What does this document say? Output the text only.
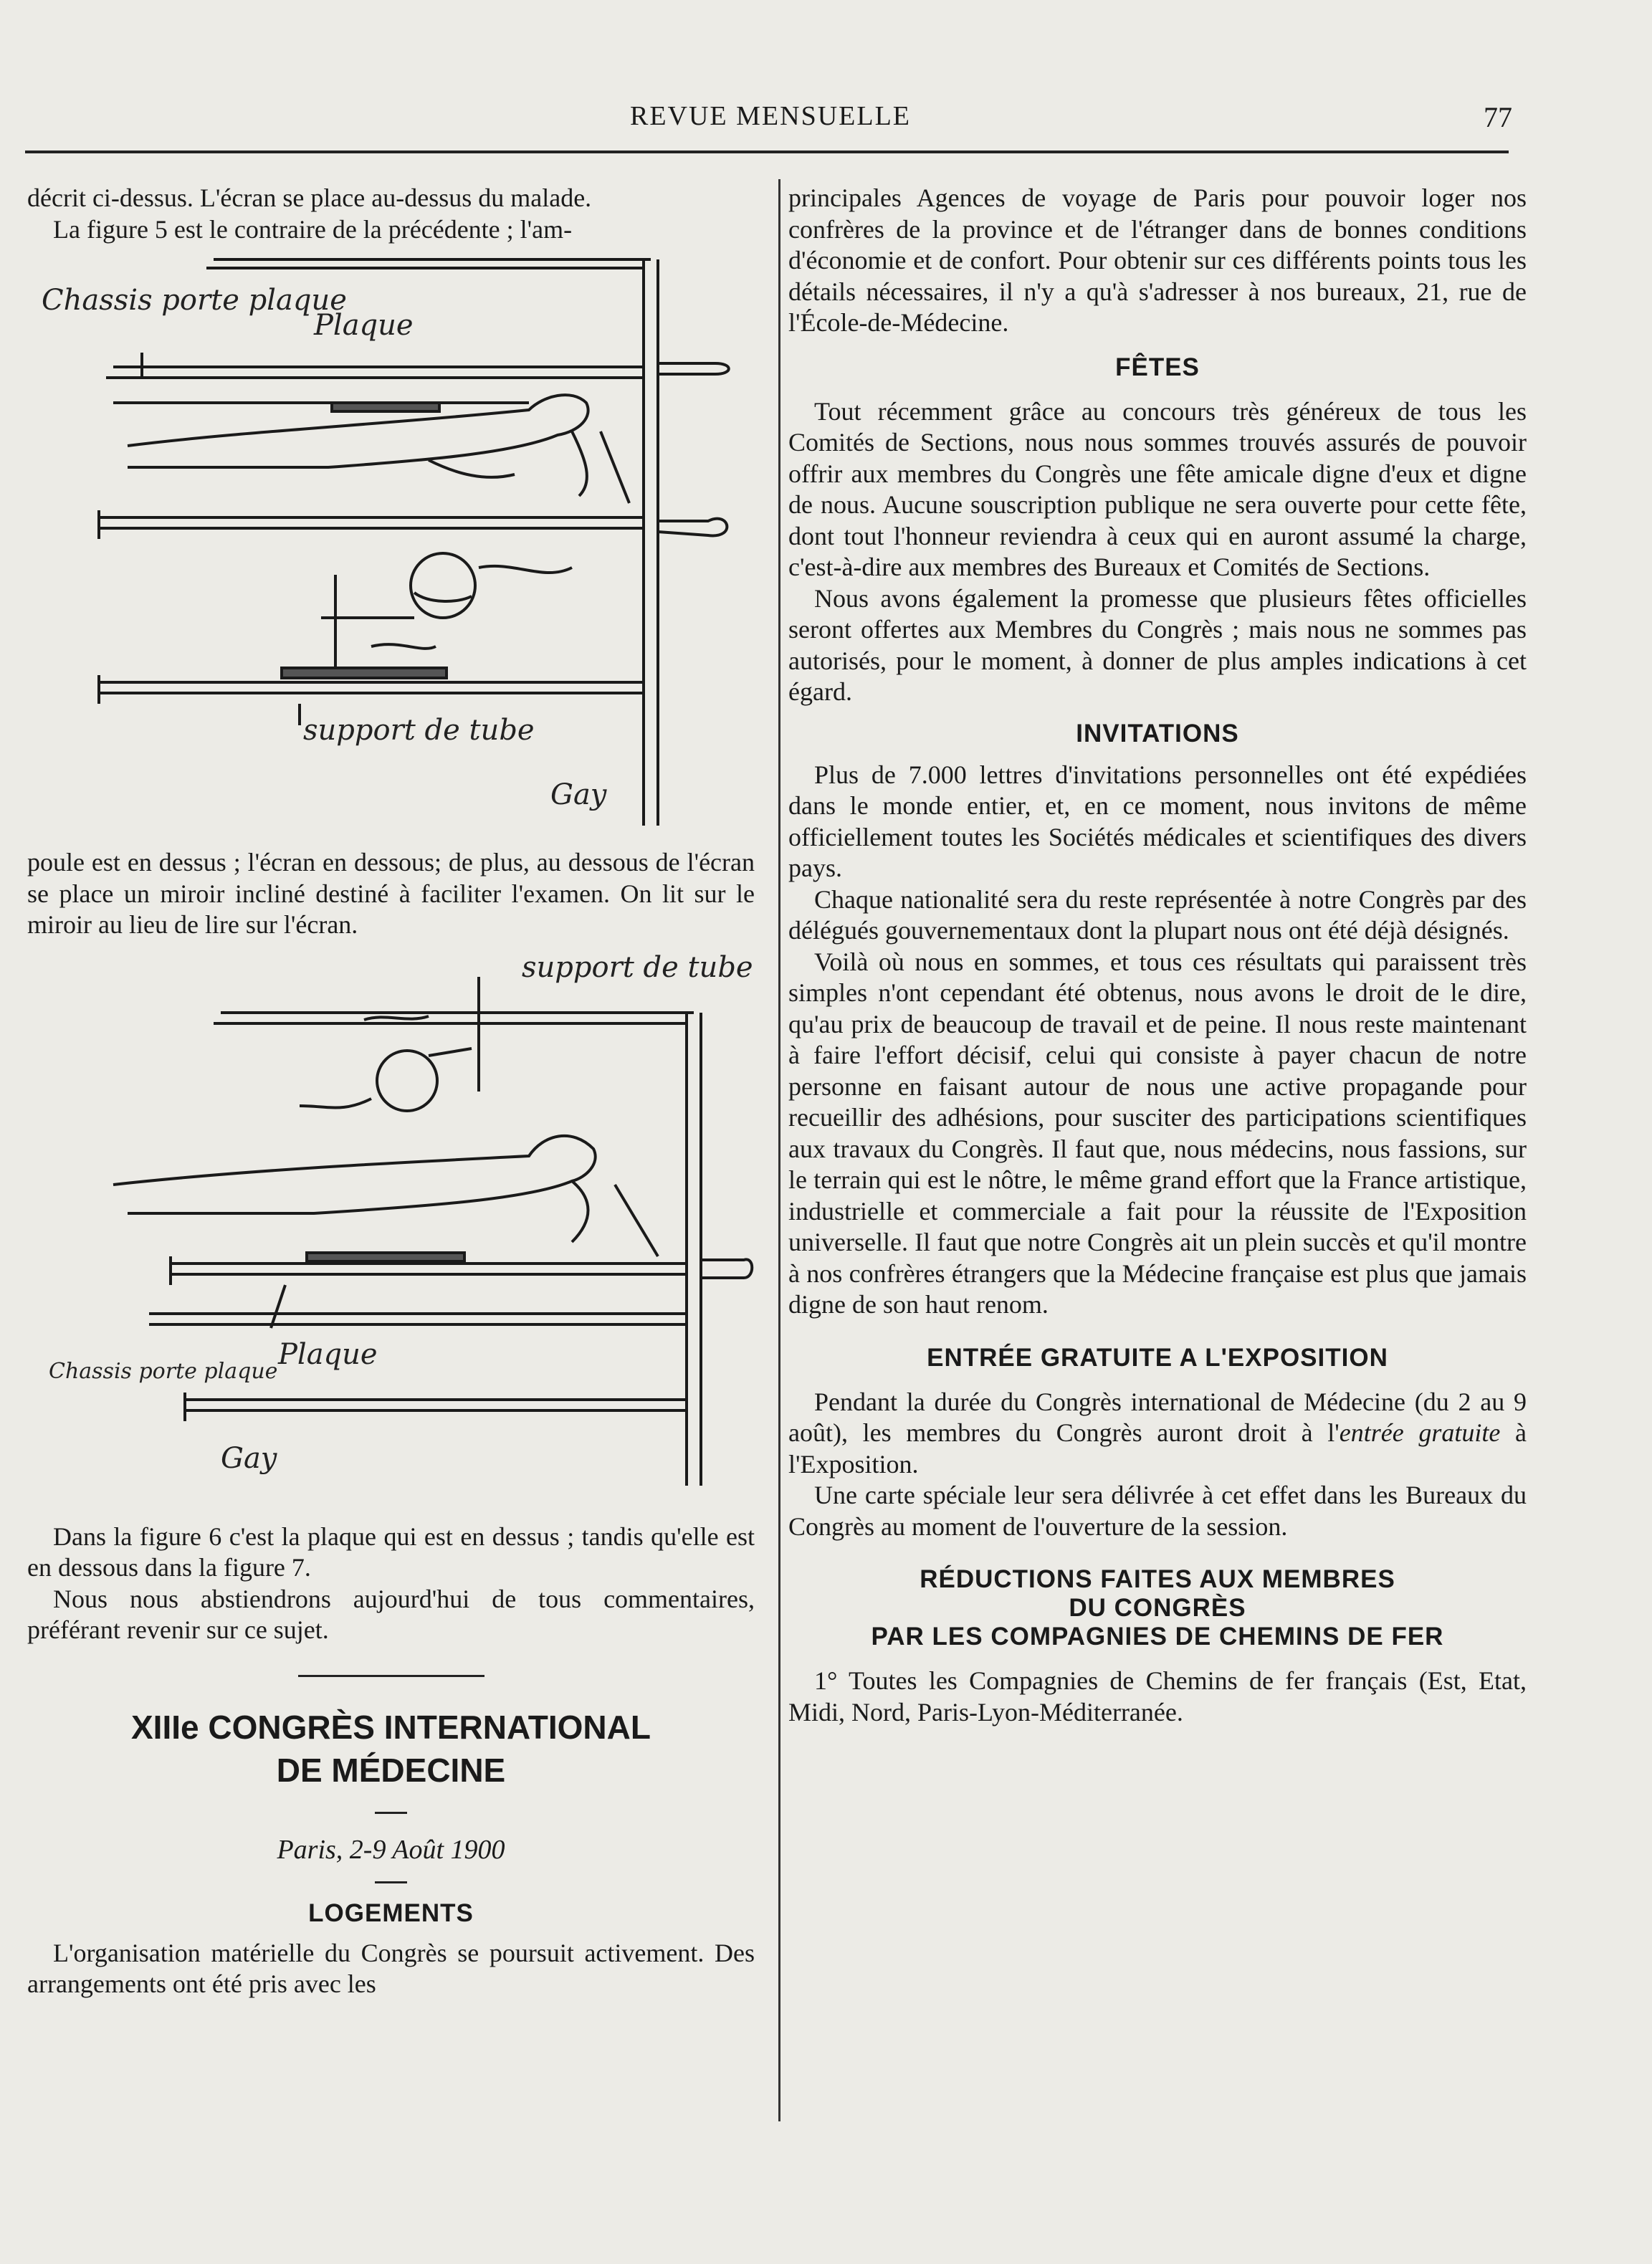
REVUE MENSUELLE	77

décrit ci-dessus. L'écran se place au-dessus du malade.

La figure 5 est le contraire de la précédente ; l'am-

Chassis porte plaque
Plaque
support de tube
Gay

poule est en dessus ; l'écran en dessous; de plus, au dessous de l'écran se place un miroir incliné destiné à faciliter l'examen. On lit sur le miroir au lieu de lire sur l'écran.

support de tube
Plaque
Chassis porte plaque
Gay

Dans la figure 6 c'est la plaque qui est en dessus ; tandis qu'elle est en dessous dans la figure 7.

Nous nous abstiendrons aujourd'hui de tous commentaires, préférant revenir sur ce sujet.

XIIIe CONGRÈS INTERNATIONAL
DE MÉDECINE
Paris, 2-9 Août 1900
LOGEMENTS

L'organisation matérielle du Congrès se poursuit activement. Des arrangements ont été pris avec les

principales Agences de voyage de Paris pour pouvoir loger nos confrères de la province et de l'étranger dans de bonnes conditions d'économie et de confort. Pour obtenir sur ces différents points tous les détails nécessaires, il n'y a qu'à s'adresser à nos bureaux, 21, rue de l'École-de-Médecine.

FÊTES

Tout récemment grâce au concours très généreux de tous les Comités de Sections, nous nous sommes trouvés assurés de pouvoir offrir aux membres du Congrès une fête amicale digne d'eux et digne de nous. Aucune souscription publique ne sera ouverte pour cette fête, dont tout l'honneur reviendra à ceux qui en auront assumé la charge, c'est-à-dire aux membres des Bureaux et Comités de Sections.

Nous avons également la promesse que plusieurs fêtes officielles seront offertes aux Membres du Congrès ; mais nous ne sommes pas autorisés, pour le moment, à donner de plus amples indications à cet égard.

INVITATIONS

Plus de 7.000 lettres d'invitations personnelles ont été expédiées dans le monde entier, et, en ce moment, nous invitons de même officiellement toutes les Sociétés médicales et scientifiques des divers pays.

Chaque nationalité sera du reste représentée à notre Congrès par des délégués gouvernementaux dont la plupart nous ont été déjà désignés.

Voilà où nous en sommes, et tous ces résultats qui paraissent très simples n'ont cependant été obtenus, nous avons le droit de le dire, qu'au prix de beaucoup de travail et de peine. Il nous reste maintenant à faire l'effort décisif, celui qui consiste à payer chacun de notre personne en faisant autour de nous une active propagande pour recueillir des adhésions, pour susciter des participations scientifiques aux travaux du Congrès. Il faut que, nous médecins, nous fassions, sur le terrain qui est le nôtre, le même grand effort que la France artistique, industrielle et commerciale a fait pour la réussite de l'Exposition universelle. Il faut que notre Congrès ait un plein succès et qu'il montre à nos confrères étrangers que la Médecine française est plus que jamais digne de son haut renom.

ENTRÉE GRATUITE A L'EXPOSITION

Pendant la durée du Congrès international de Médecine (du 2 au 9 août), les membres du Congrès auront droit à l'entrée gratuite à l'Exposition.

Une carte spéciale leur sera délivrée à cet effet dans les Bureaux du Congrès au moment de l'ouverture de la session.

RÉDUCTIONS FAITES AUX MEMBRES
DU CONGRÈS
PAR LES COMPAGNIES DE CHEMINS DE FER

1° Toutes les Compagnies de Chemins de fer français (Est, Etat, Midi, Nord, Paris-Lyon-Méditerranée.
